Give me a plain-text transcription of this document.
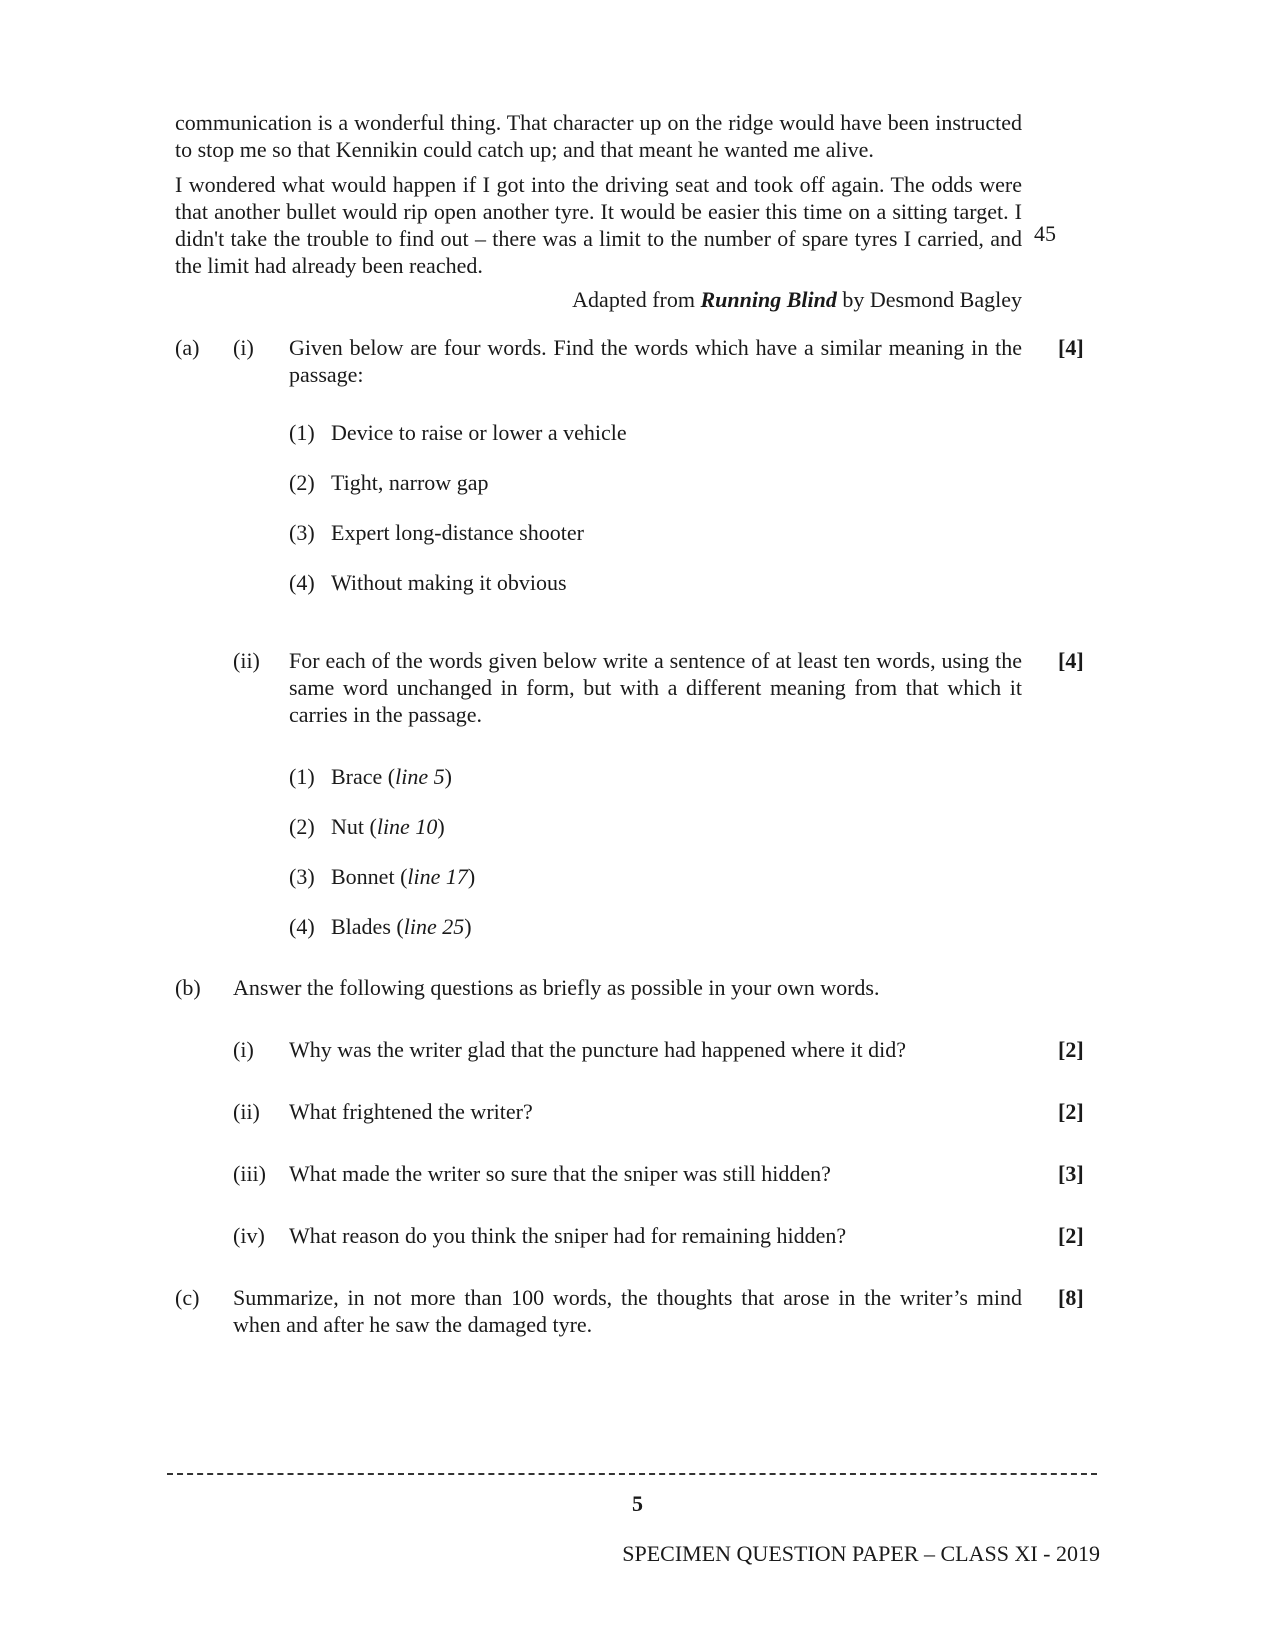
communication is a wonderful thing. That character up on the ridge would have been instructed to stop me so that Kennikin could catch up; and that meant he wanted me alive.
I wondered what would happen if I got into the driving seat and took off again. The odds were that another bullet would rip open another tyre. It would be easier this time on a sitting target. I didn't take the trouble to find out – there was a limit to the number of spare tyres I carried, and the limit had already been reached.
45
Adapted from Running Blind by Desmond Bagley
(a) (i) Given below are four words. Find the words which have a similar meaning in the passage:
[4]
(1) Device to raise or lower a vehicle
(2) Tight, narrow gap
(3) Expert long-distance shooter
(4) Without making it obvious
(ii) For each of the words given below write a sentence of at least ten words, using the same word unchanged in form, but with a different meaning from that which it carries in the passage.
[4]
(1) Brace (line 5)
(2) Nut (line 10)
(3) Bonnet (line 17)
(4) Blades (line 25)
(b) Answer the following questions as briefly as possible in your own words.
(i) Why was the writer glad that the puncture had happened where it did?	[2]
(ii) What frightened the writer?	[2]
(iii) What made the writer so sure that the sniper was still hidden?	[3]
(iv) What reason do you think the sniper had for remaining hidden?	[2]
(c) Summarize, in not more than 100 words, the thoughts that arose in the writer’s mind when and after he saw the damaged tyre.
[8]
5
SPECIMEN QUESTION PAPER – CLASS XI - 2019
